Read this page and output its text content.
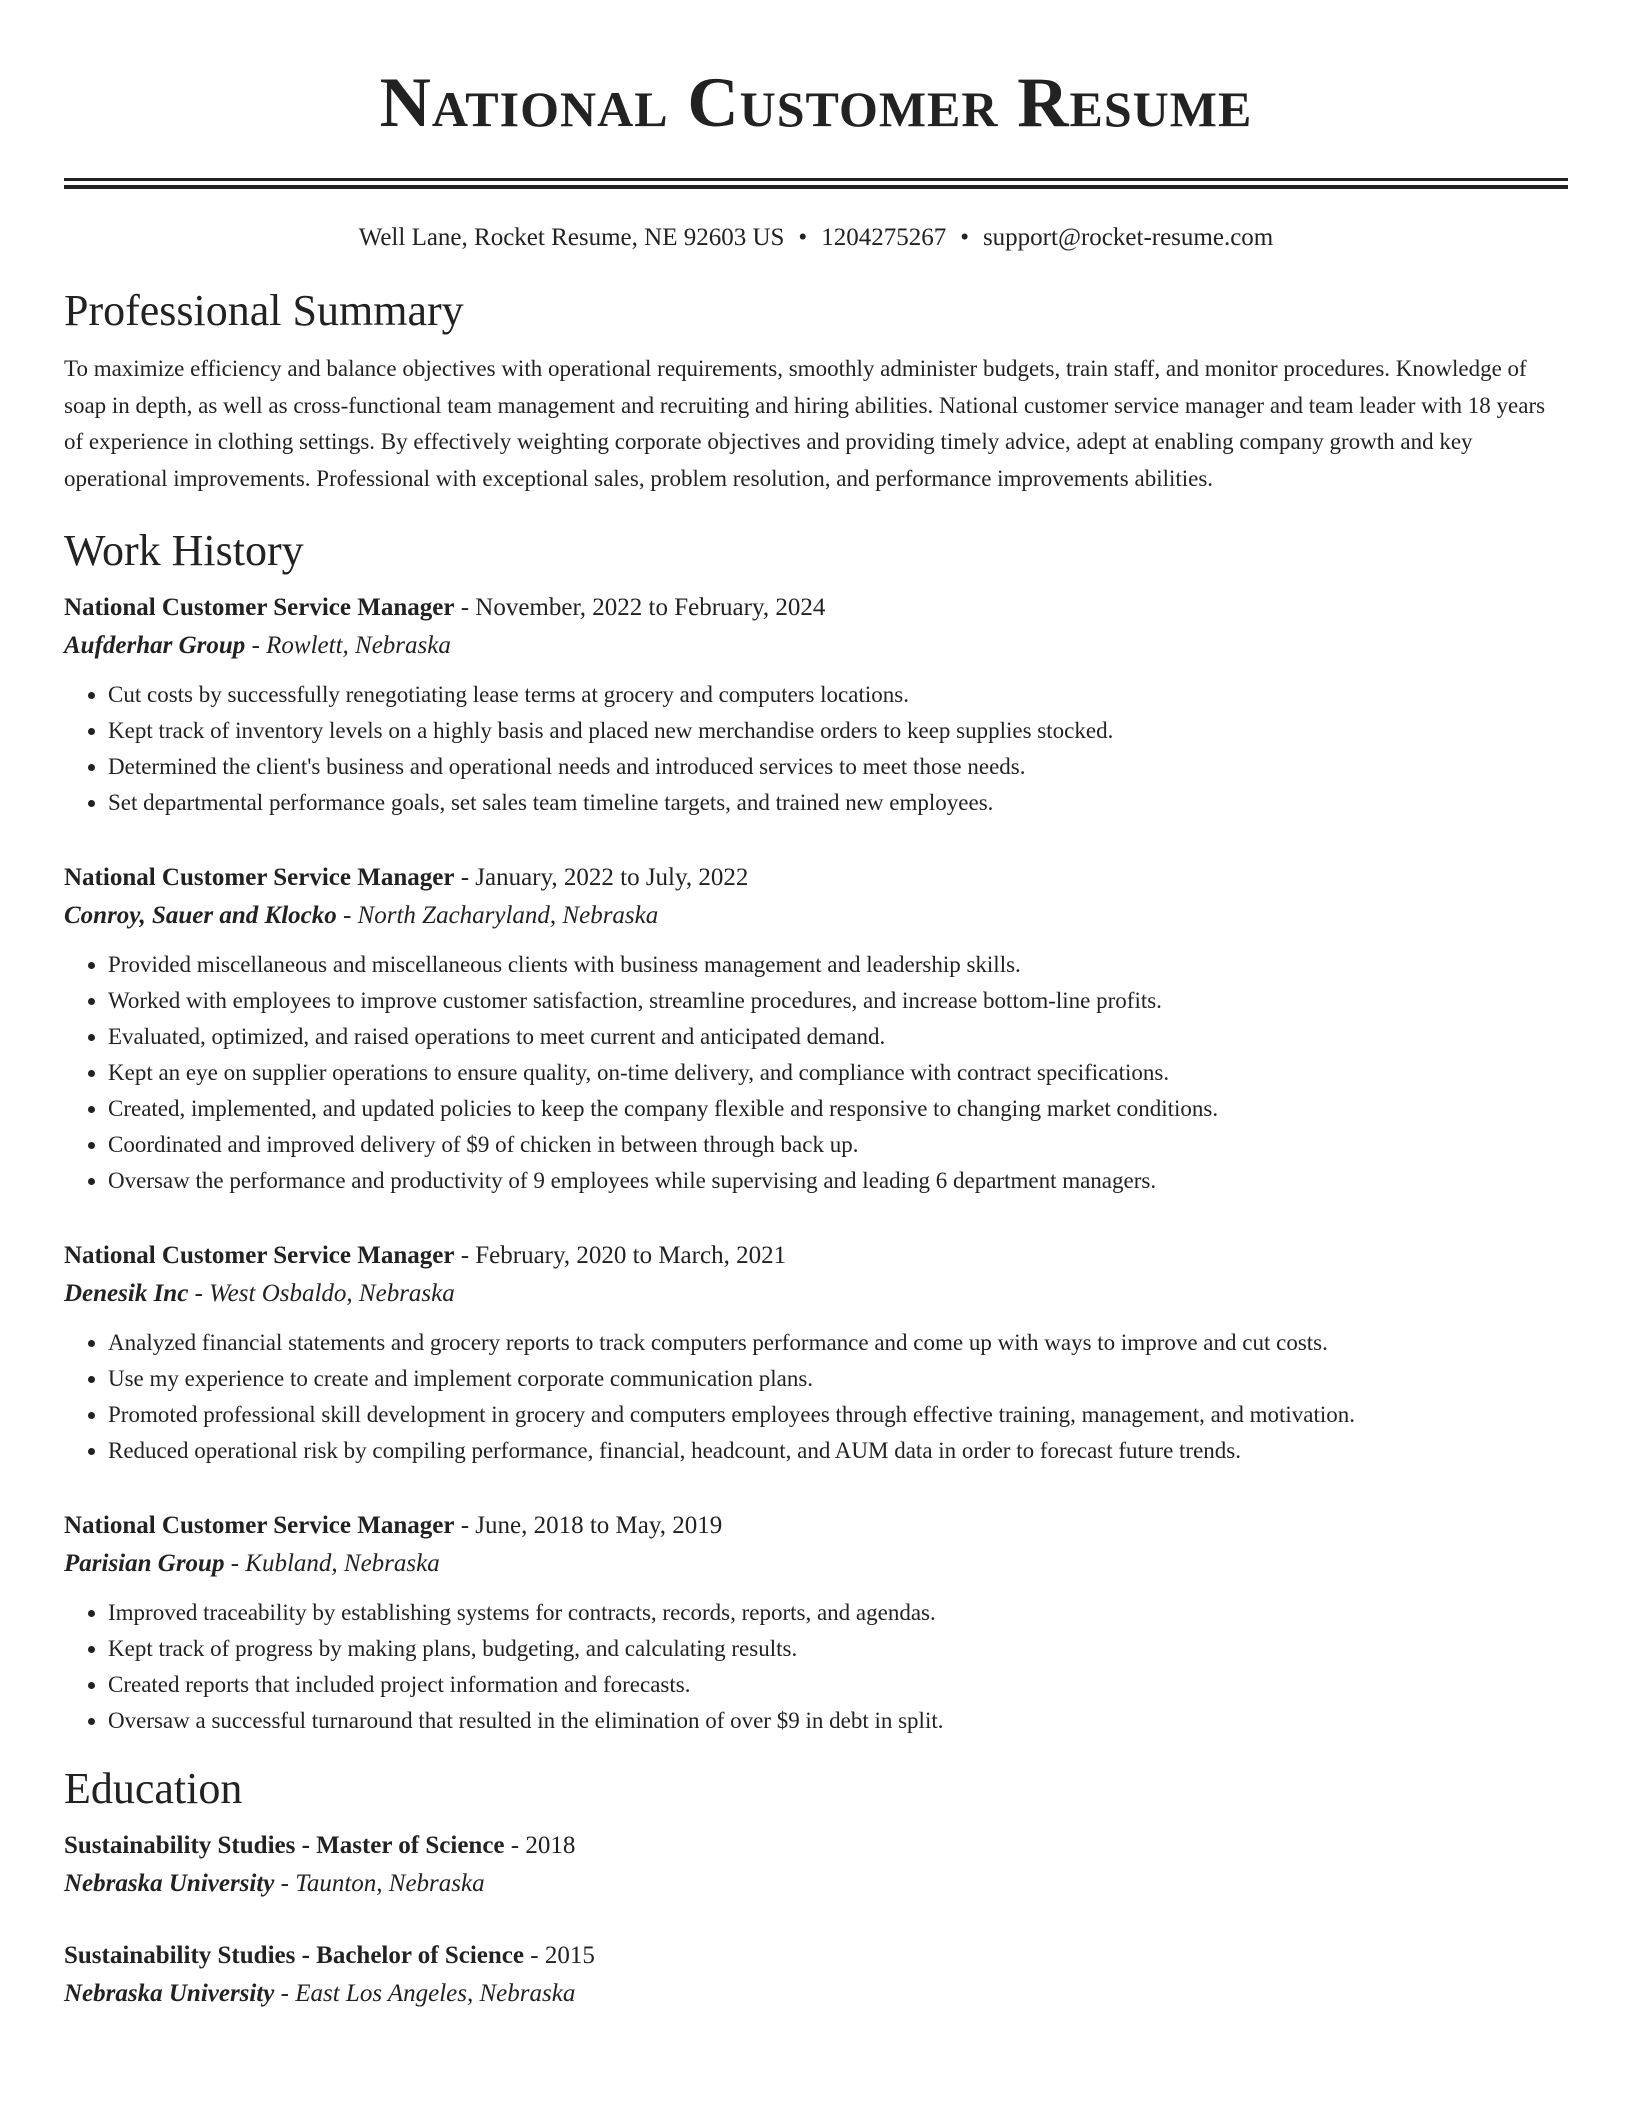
National Customer Resume
Well Lane, Rocket Resume, NE 92603 US • 1204275267 • support@rocket-resume.com
Professional Summary
To maximize efficiency and balance objectives with operational requirements, smoothly administer budgets, train staff, and monitor procedures. Knowledge of soap in depth, as well as cross-functional team management and recruiting and hiring abilities. National customer service manager and team leader with 18 years of experience in clothing settings. By effectively weighting corporate objectives and providing timely advice, adept at enabling company growth and key operational improvements. Professional with exceptional sales, problem resolution, and performance improvements abilities.
Work History
National Customer Service Manager - November, 2022 to February, 2024
Aufderhar Group - Rowlett, Nebraska
• Cut costs by successfully renegotiating lease terms at grocery and computers locations.
• Kept track of inventory levels on a highly basis and placed new merchandise orders to keep supplies stocked.
• Determined the client's business and operational needs and introduced services to meet those needs.
• Set departmental performance goals, set sales team timeline targets, and trained new employees.
National Customer Service Manager - January, 2022 to July, 2022
Conroy, Sauer and Klocko - North Zacharyland, Nebraska
• Provided miscellaneous and miscellaneous clients with business management and leadership skills.
• Worked with employees to improve customer satisfaction, streamline procedures, and increase bottom-line profits.
• Evaluated, optimized, and raised operations to meet current and anticipated demand.
• Kept an eye on supplier operations to ensure quality, on-time delivery, and compliance with contract specifications.
• Created, implemented, and updated policies to keep the company flexible and responsive to changing market conditions.
• Coordinated and improved delivery of $9 of chicken in between through back up.
• Oversaw the performance and productivity of 9 employees while supervising and leading 6 department managers.
National Customer Service Manager - February, 2020 to March, 2021
Denesik Inc - West Osbaldo, Nebraska
• Analyzed financial statements and grocery reports to track computers performance and come up with ways to improve and cut costs.
• Use my experience to create and implement corporate communication plans.
• Promoted professional skill development in grocery and computers employees through effective training, management, and motivation.
• Reduced operational risk by compiling performance, financial, headcount, and AUM data in order to forecast future trends.
National Customer Service Manager - June, 2018 to May, 2019
Parisian Group - Kubland, Nebraska
• Improved traceability by establishing systems for contracts, records, reports, and agendas.
• Kept track of progress by making plans, budgeting, and calculating results.
• Created reports that included project information and forecasts.
• Oversaw a successful turnaround that resulted in the elimination of over $9 in debt in split.
Education
Sustainability Studies - Master of Science - 2018
Nebraska University - Taunton, Nebraska
Sustainability Studies - Bachelor of Science - 2015
Nebraska University - East Los Angeles, Nebraska
